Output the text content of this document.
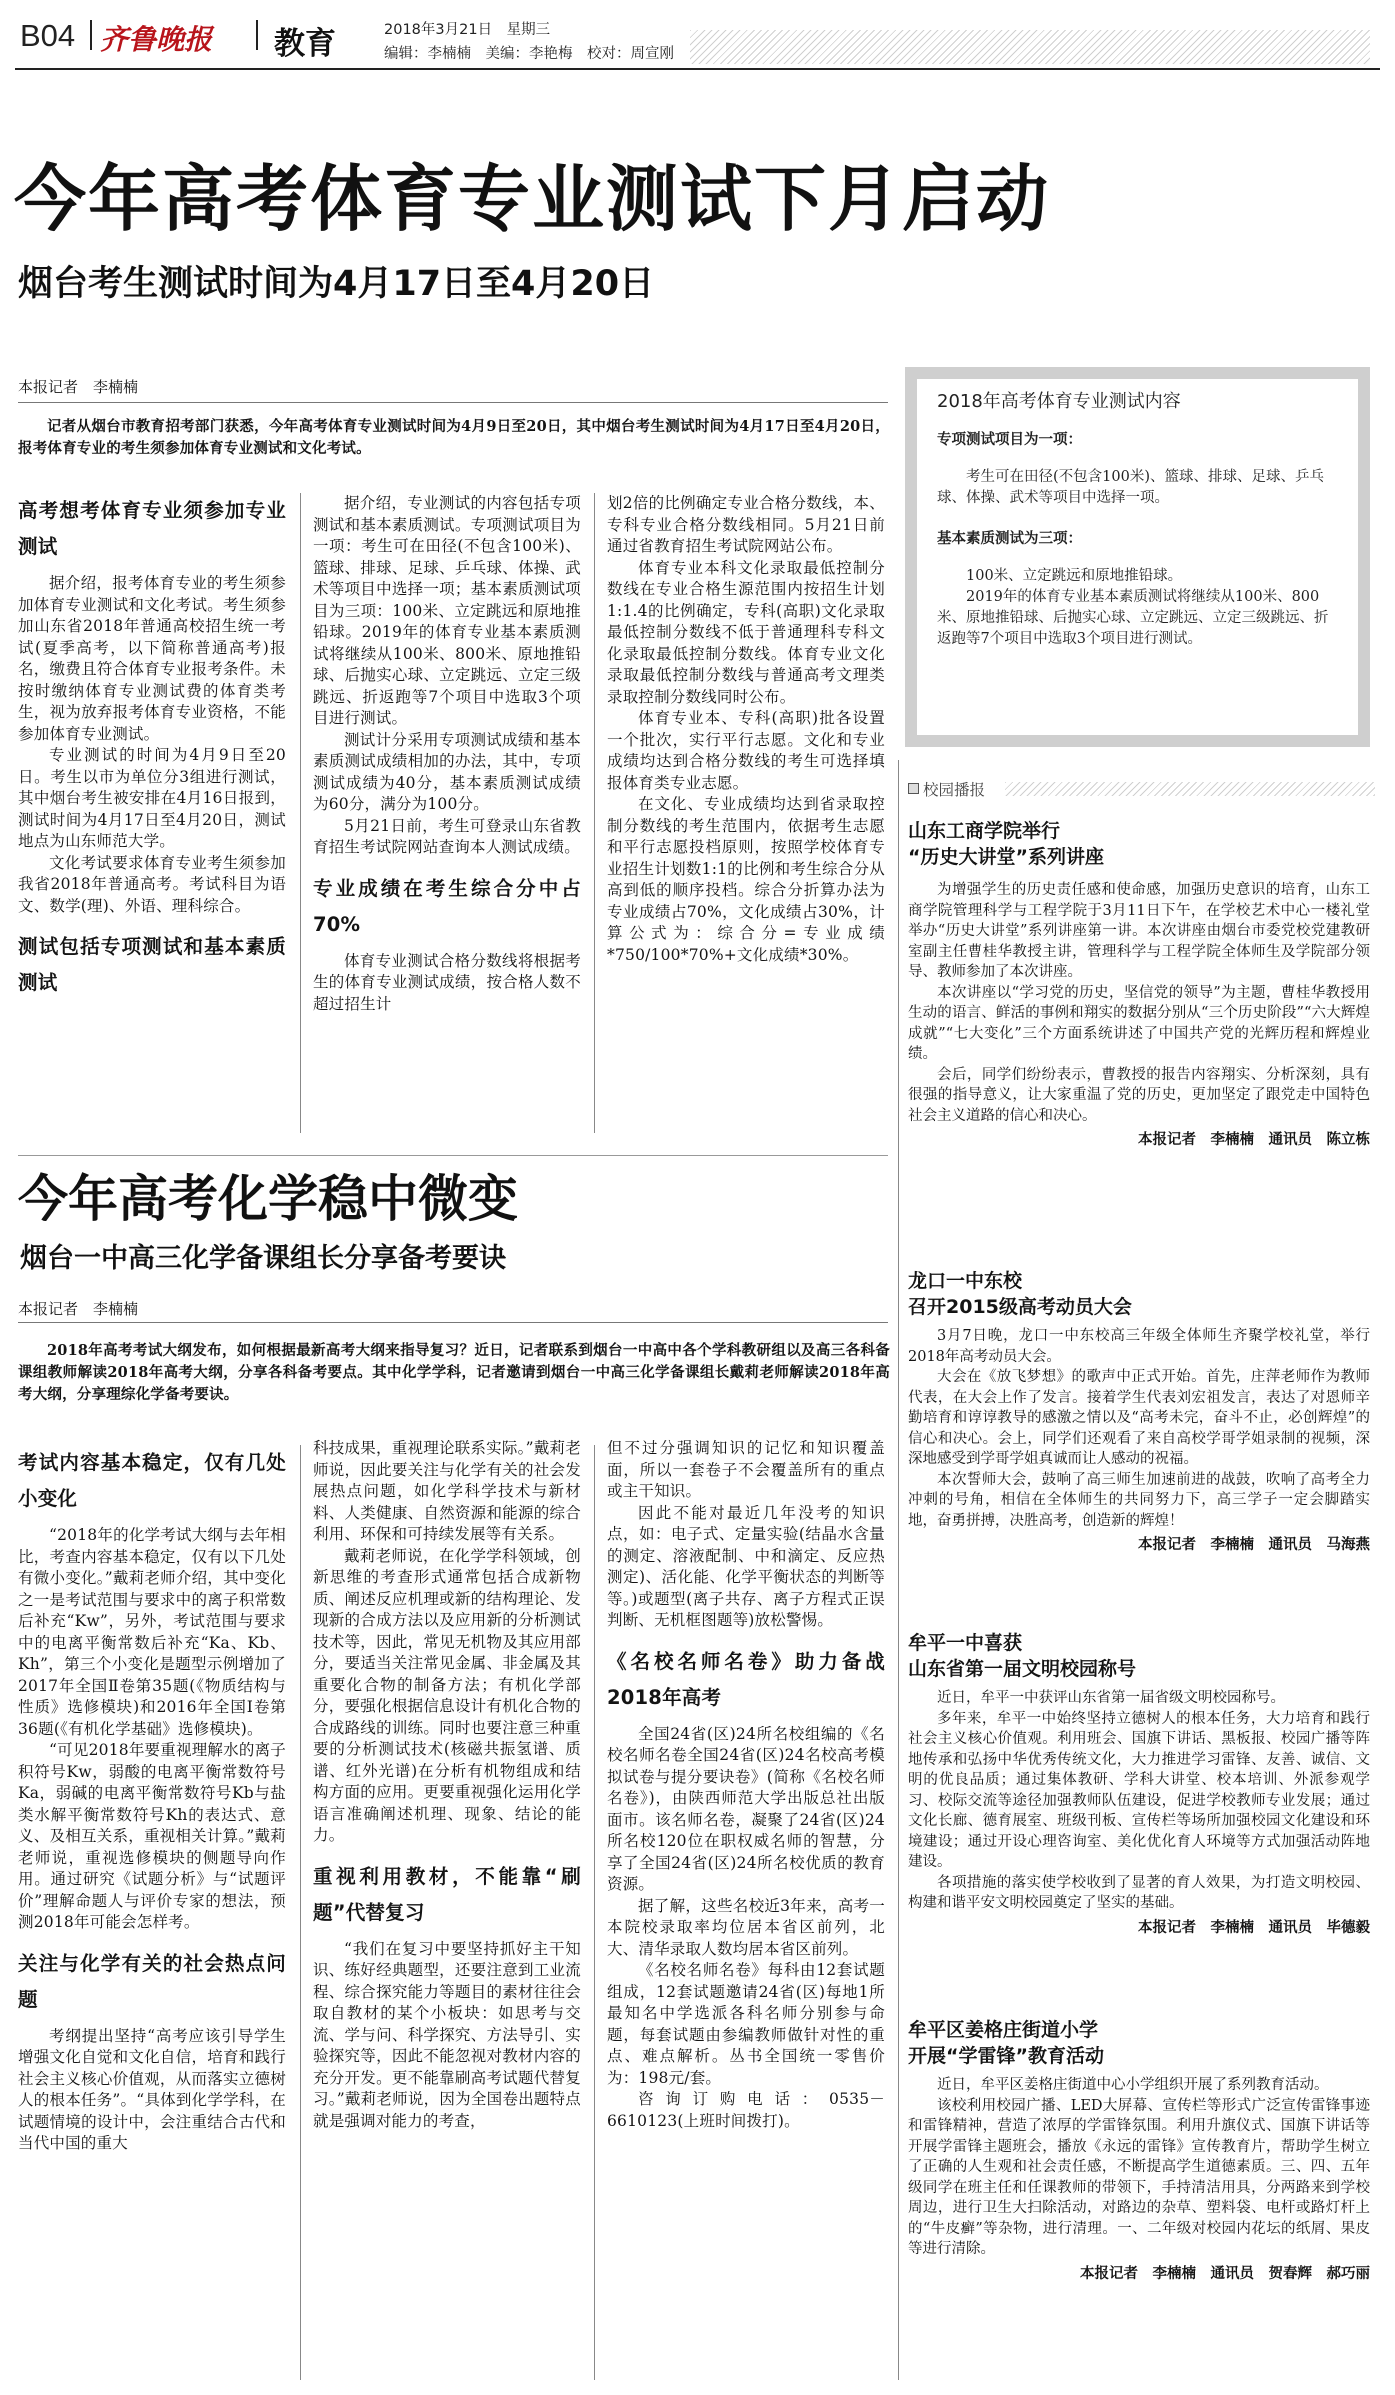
B04 齐鲁晚报 教育	2018年3月21日　星期三
编辑：李楠楠　美编：李艳梅　校对：周宣刚
今年高考体育专业测试下月启动
烟台考生测试时间为4月17日至4月20日
本报记者　李楠楠

记者从烟台市教育招考部门获悉，今年高考体育专业测试时间为4月9日至20日，其中烟台考生测试时间为4月17日至4月20日，报考体育专业的考生须参加体育专业测试和文化考试。

高考想考体育专业须参加专业测试

据介绍，报考体育专业的考生须参加体育专业测试和文化考试。考生须参加山东省2018年普通高校招生统一考试(夏季高考，以下简称普通高考)报名，缴费且符合体育专业报考条件。未按时缴纳体育专业测试费的体育类考生，视为放弃报考体育专业资格，不能参加体育专业测试。

专业测试的时间为4月9日至20日。考生以市为单位分3组进行测试，其中烟台考生被安排在4月16日报到，测试时间为4月17日至4月20日，测试地点为山东师范大学。

文化考试要求体育专业考生须参加我省2018年普通高考。考试科目为语文、数学(理)、外语、理科综合。

测试包括专项测试和基本素质测试

据介绍，专业测试的内容包括专项测试和基本素质测试。专项测试项目为一项：考生可在田径(不包含100米)、篮球、排球、足球、乒乓球、体操、武术等项目中选择一项；基本素质测试项目为三项：100米、立定跳远和原地推铅球。2019年的体育专业基本素质测试将继续从100米、800米、原地推铅球、后抛实心球、立定跳远、立定三级跳远、折返跑等7个项目中选取3个项目进行测试。

测试计分采用专项测试成绩和基本素质测试成绩相加的办法，其中，专项测试成绩为40分，基本素质测试成绩为60分，满分为100分。

5月21日前，考生可登录山东省教育招生考试院网站查询本人测试成绩。

专业成绩在考生综合分中占70%

体育专业测试合格分数线将根据考生的体育专业测试成绩，按合格人数不超过招生计

划2倍的比例确定专业合格分数线，本、专科专业合格分数线相同。5月21日前通过省教育招生考试院网站公布。

体育专业本科文化录取最低控制分数线在专业合格生源范围内按招生计划1:1.4的比例确定，专科(高职)文化录取最低控制分数线不低于普通理科专科文化录取最低控制分数线。体育专业文化录取最低控制分数线与普通高考文理类录取控制分数线同时公布。

体育专业本、专科(高职)批各设置一个批次，实行平行志愿。文化和专业成绩均达到合格分数线的考生可选择填报体育类专业志愿。

在文化、专业成绩均达到省录取控制分数线的考生范围内，依据考生志愿和平行志愿投档原则，按照学校体育专业招生计划数1:1的比例和考生综合分从高到低的顺序投档。综合分折算办法为专业成绩占70%，文化成绩占30%，计算公式为：综合分=专业成绩*750/100*70%+文化成绩*30%。

2018年高考体育专业测试内容
专项测试项目为一项：
考生可在田径(不包含100米)、篮球、排球、足球、乒乓球、体操、武术等项目中选择一项。
基本素质测试为三项：
100米、立定跳远和原地推铅球。
2019年的体育专业基本素质测试将继续从100米、800米、原地推铅球、后抛实心球、立定跳远、立定三级跳远、折返跑等7个项目中选取3个项目进行测试。
校园播报
山东工商学院举行
“历史大讲堂”系列讲座

为增强学生的历史责任感和使命感，加强历史意识的培育，山东工商学院管理科学与工程学院于3月11日下午，在学校艺术中心一楼礼堂举办“历史大讲堂”系列讲座第一讲。本次讲座由烟台市委党校党建教研室副主任曹桂华教授主讲，管理科学与工程学院全体师生及学院部分领导、教师参加了本次讲座。

本次讲座以“学习党的历史，坚信党的领导”为主题，曹桂华教授用生动的语言、鲜活的事例和翔实的数据分别从“三个历史阶段”“六大辉煌成就”“七大变化”三个方面系统讲述了中国共产党的光辉历程和辉煌业绩。

会后，同学们纷纷表示，曹教授的报告内容翔实、分析深刻，具有很强的指导意义，让大家重温了党的历史，更加坚定了跟党走中国特色社会主义道路的信心和决心。

本报记者　李楠楠　通讯员　陈立栋
龙口一中东校
召开2015级高考动员大会

3月7日晚，龙口一中东校高三年级全体师生齐聚学校礼堂，举行2018年高考动员大会。

大会在《放飞梦想》的歌声中正式开始。首先，庄萍老师作为教师代表，在大会上作了发言。接着学生代表刘宏祖发言，表达了对恩师辛勤培育和谆谆教导的感激之情以及“高考未完，奋斗不止，必创辉煌”的信心和决心。会上，同学们还观看了来自高校学哥学姐录制的视频，深深地感受到学哥学姐真诚而让人感动的祝福。

本次誓师大会，鼓响了高三师生加速前进的战鼓，吹响了高考全力冲刺的号角，相信在全体师生的共同努力下，高三学子一定会脚踏实地，奋勇拼搏，决胜高考，创造新的辉煌！

本报记者　李楠楠　通讯员　马海燕
牟平一中喜获
山东省第一届文明校园称号

近日，牟平一中获评山东省第一届省级文明校园称号。

多年来，牟平一中始终坚持立德树人的根本任务，大力培育和践行社会主义核心价值观。利用班会、国旗下讲话、黑板报、校园广播等阵地传承和弘扬中华优秀传统文化，大力推进学习雷锋、友善、诚信、文明的优良品质；通过集体教研、学科大讲堂、校本培训、外派参观学习、校际交流等途径加强教师队伍建设，促进学校教师专业发展；通过文化长廊、德育展室、班级刊板、宣传栏等场所加强校园文化建设和环境建设；通过开设心理咨询室、美化优化育人环境等方式加强活动阵地建设。

各项措施的落实使学校收到了显著的育人效果，为打造文明校园、构建和谐平安文明校园奠定了坚实的基础。

本报记者　李楠楠　通讯员　毕德毅
牟平区姜格庄街道小学
开展“学雷锋”教育活动

近日，牟平区姜格庄街道中心小学组织开展了系列教育活动。

该校利用校园广播、LED大屏幕、宣传栏等形式广泛宣传雷锋事迹和雷锋精神，营造了浓厚的学雷锋氛围。利用升旗仪式、国旗下讲话等开展学雷锋主题班会，播放《永远的雷锋》宣传教育片，帮助学生树立了正确的人生观和社会责任感，不断提高学生道德素质。三、四、五年级同学在班主任和任课教师的带领下，手持清洁用具，分两路来到学校周边，进行卫生大扫除活动，对路边的杂草、塑料袋、电杆或路灯杆上的“牛皮癣”等杂物，进行清理。一、二年级对校园内花坛的纸屑、果皮等进行清除。

本报记者　李楠楠　通讯员　贺春辉　郝巧丽
今年高考化学稳中微变
烟台一中高三化学备课组长分享备考要诀
本报记者　李楠楠

2018年高考考试大纲发布，如何根据最新高考大纲来指导复习？近日，记者联系到烟台一中高中各个学科教研组以及高三各科备课组教师解读2018年高考大纲，分享各科备考要点。其中化学学科，记者邀请到烟台一中高三化学备课组长戴莉老师解读2018年高考大纲，分享理综化学备考要诀。

考试内容基本稳定，仅有几处小变化

“2018年的化学考试大纲与去年相比，考查内容基本稳定，仅有以下几处有微小变化。”戴莉老师介绍，其中变化之一是考试范围与要求中的离子积常数后补充“Kw”，另外，考试范围与要求中的电离平衡常数后补充“Ka、Kb、Kh”，第三个小变化是题型示例增加了2017年全国Ⅱ卷第35题(《物质结构与性质》选修模块)和2016年全国Ⅰ卷第36题(《有机化学基础》选修模块)。

“可见2018年要重视理解水的离子积符号Kw，弱酸的电离平衡常数符号Ka，弱碱的电离平衡常数符号Kb与盐类水解平衡常数符号Kh的表达式、意义、及相互关系，重视相关计算。”戴莉老师说，重视选修模块的侧题导向作用。通过研究《试题分析》与“试题评价”理解命题人与评价专家的想法，预测2018年可能会怎样考。

关注与化学有关的社会热点问题

考纲提出坚持“高考应该引导学生增强文化自觉和文化自信，培育和践行社会主义核心价值观，从而落实立德树人的根本任务”。“具体到化学学科，在试题情境的设计中，会注重结合古代和当代中国的重大

科技成果，重视理论联系实际。”戴莉老师说，因此要关注与化学有关的社会发展热点问题，如化学科学技术与新材料、人类健康、自然资源和能源的综合利用、环保和可持续发展等有关系。

戴莉老师说，在化学学科领域，创新思维的考查形式通常包括合成新物质、阐述反应机理或新的结构理论、发现新的合成方法以及应用新的分析测试技术等，因此，常见无机物及其应用部分，要适当关注常见金属、非金属及其重要化合物的制备方法；有机化学部分，要强化根据信息设计有机化合物的合成路线的训练。同时也要注意三种重要的分析测试技术(核磁共振氢谱、质谱、红外光谱)在分析有机物组成和结构方面的应用。更要重视强化运用化学语言准确阐述机理、现象、结论的能力。

重视利用教材，不能靠“刷题”代替复习

“我们在复习中要坚持抓好主干知识、练好经典题型，还要注意到工业流程、综合探究能力等题目的素材往往会取自教材的某个小板块：如思考与交流、学与问、科学探究、方法导引、实验探究等，因此不能忽视对教材内容的充分开发。更不能靠刷高考试题代替复习。”戴莉老师说，因为全国卷出题特点就是强调对能力的考查，

但不过分强调知识的记忆和知识覆盖面，所以一套卷子不会覆盖所有的重点或主干知识。

因此不能对最近几年没考的知识点，如：电子式、定量实验(结晶水含量的测定、溶液配制、中和滴定、反应热测定)、活化能、化学平衡状态的判断等等。)或题型(离子共存、离子方程式正误判断、无机框图题等)放松警惕。

《名校名师名卷》助力备战2018年高考

全国24省(区)24所名校组编的《名校名师名卷全国24省(区)24名校高考模拟试卷与提分要诀卷》(简称《名校名师名卷》)，由陕西师范大学出版总社出版面市。该名师名卷，凝聚了24省(区)24所名校120位在职权威名师的智慧，分享了全国24省(区)24所名校优质的教育资源。

据了解，这些名校近3年来，高考一本院校录取率均位居本省区前列，北大、清华录取人数均居本省区前列。

《名校名师名卷》每科由12套试题组成，12套试题邀请24省(区)每地1所最知名中学选派各科名师分别参与命题，每套试题由参编教师做针对性的重点、难点解析。丛书全国统一零售价为：198元/套。

咨询订购电话：0535－6610123(上班时间拨打)。
